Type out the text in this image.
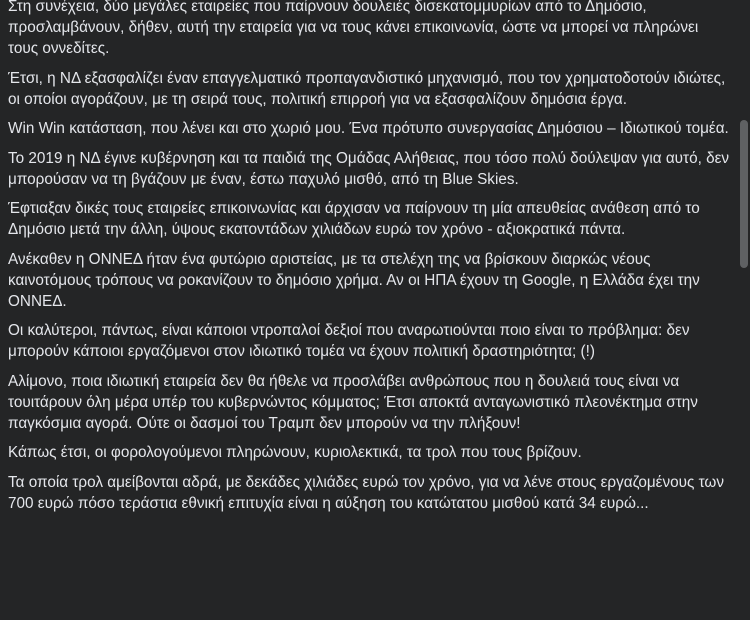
Στη συνέχεια, δύο μεγάλες εταιρείες που παίρνουν δουλειές δισεκατομμυρίων από το Δημόσιο, προσλαμβάνουν, δήθεν, αυτή την εταιρεία για να τους κάνει επικοινωνία, ώστε να μπορεί να πληρώνει τους οννεδίτες.

Έτσι, η ΝΔ εξασφαλίζει έναν επαγγελματικό προπαγανδιστικό μηχανισμό, που τον χρηματοδοτούν ιδιώτες, οι οποίοι αγοράζουν, με τη σειρά τους, πολιτική επιρροή για να εξασφαλίζουν δημόσια έργα.

Win Win κατάσταση, που λένει και στο χωριό μου. Ένα πρότυπο συνεργασίας Δημόσιου – Ιδιωτικού τομέα.

Το 2019 η ΝΔ έγινε κυβέρνηση και τα παιδιά της Ομάδας Αλήθειας, που τόσο πολύ δούλεψαν για αυτό, δεν μπορούσαν να τη βγάζουν με έναν, έστω παχυλό μισθό, από τη Blue Skies.

Έφτιαξαν δικές τους εταιρείες επικοινωνίας και άρχισαν να παίρνουν τη μία απευθείας ανάθεση από το Δημόσιο μετά την άλλη, ύψους εκατοντάδων χιλιάδων ευρώ τον χρόνο - αξιοκρατικά πάντα.

Ανέκαθεν η ΟΝΝΕΔ ήταν ένα φυτώριο αριστείας, με τα στελέχη της να βρίσκουν διαρκώς νέους καινοτόμους τρόπους να ροκανίζουν το δημόσιο χρήμα. Αν οι ΗΠΑ έχουν τη Google, η Ελλάδα έχει την ΟΝΝΕΔ.

Οι καλύτεροι, πάντως, είναι κάποιοι ντροπαλοί δεξιοί που αναρωτιούνται ποιο είναι το πρόβλημα: δεν μπορούν κάποιοι εργαζόμενοι στον ιδιωτικό τομέα να έχουν πολιτική δραστηριότητα; (!)

Αλίμονο, ποια ιδιωτική εταιρεία δεν θα ήθελε να προσλάβει ανθρώπους που η δουλειά τους είναι να τουιτάρουν όλη μέρα υπέρ του κυβερνώντος κόμματος; Έτσι αποκτά ανταγωνιστικό πλεονέκτημα στην παγκόσμια αγορά. Ούτε οι δασμοί του Τραμπ δεν μπορούν να την πλήξουν!

Κάπως έτσι, οι φορολογούμενοι πληρώνουν, κυριολεκτικά, τα τρολ που τους βρίζουν.

Τα οποία τρολ αμείβονται αδρά, με δεκάδες χιλιάδες ευρώ τον χρόνο, για να λένε στους εργαζομένους των 700 ευρώ πόσο τεράστια εθνική επιτυχία είναι η αύξηση του κατώτατου μισθού κατά 34 ευρώ...
